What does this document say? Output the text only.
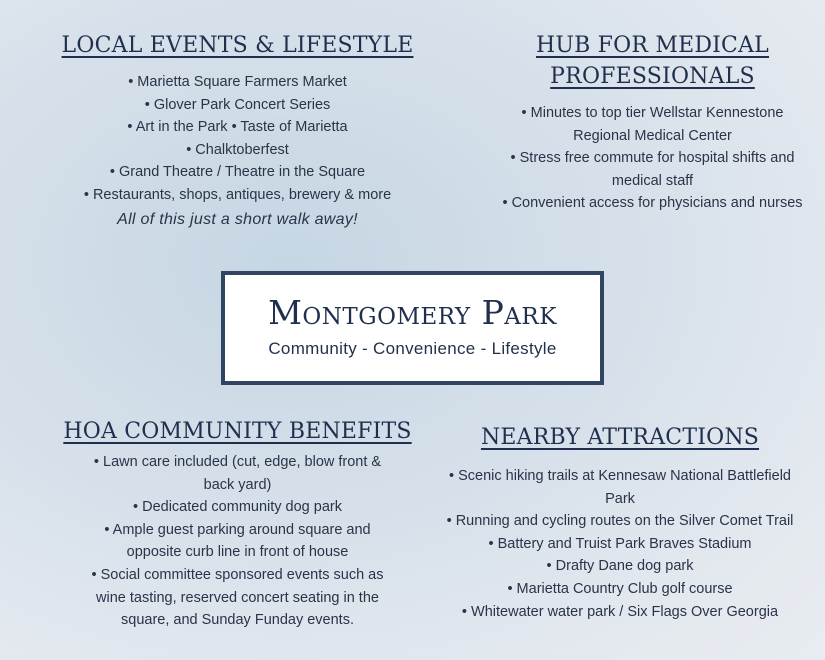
LOCAL EVENTS & LIFESTYLE
• Marietta Square Farmers Market
• Glover Park Concert Series
• Art in the Park • Taste of Marietta
• Chalktoberfest
• Grand Theatre / Theatre in the Square
• Restaurants, shops, antiques, brewery & more
All of this just a short walk away!
HUB FOR MEDICAL PROFESSIONALS
• Minutes to top tier Wellstar Kennestone Regional Medical Center
• Stress free commute for hospital shifts and medical staff
• Convenient access for physicians and nurses
Montgomery Park
Community - Convenience - Lifestyle
HOA COMMUNITY BENEFITS
• Lawn care included (cut, edge, blow front & back yard)
• Dedicated community dog park
• Ample guest parking around square and opposite curb line in front of house
• Social committee sponsored events such as wine tasting, reserved concert seating in the square, and Sunday Funday events.
NEARBY ATTRACTIONS
• Scenic hiking trails at Kennesaw National Battlefield Park
• Running and cycling routes on the Silver Comet Trail
• Battery and Truist Park Braves Stadium
• Drafty Dane dog park
• Marietta Country Club golf course
• Whitewater water park / Six Flags Over Georgia
